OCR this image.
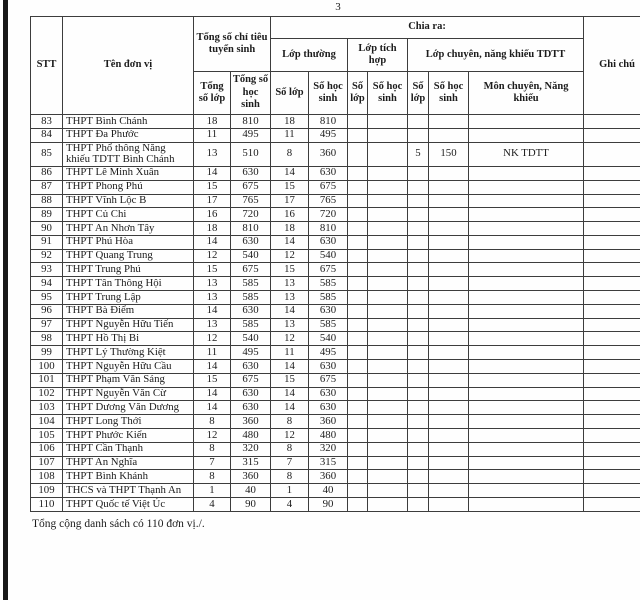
3
STT	Tên đơn vị	Tổng số chỉ tiêu tuyển sinh		Chia ra:							Ghi chú
				Lớp thường		Lớp tích hợp		Lớp chuyên, năng khiếu TDTT			
		Tổng số lớp	Tổng số học sinh	Số lớp	Số học sinh	Số lớp	Số học sinh	Số lớp	Số học sinh	Môn chuyên, Năng khiếu	
83	THPT Bình Chánh	18	810	18	810						
84	THPT Đa Phước	11	495	11	495						
85	THPT Phổ thông Năng khiếu TDTT Bình Chánh	13	510	8	360			5	150	NK TDTT	
86	THPT Lê Minh Xuân	14	630	14	630						
87	THPT Phong Phú	15	675	15	675						
88	THPT Vĩnh Lộc B	17	765	17	765						
89	THPT Củ Chi	16	720	16	720						
90	THPT An Nhơn Tây	18	810	18	810						
91	THPT Phú Hòa	14	630	14	630						
92	THPT Quang Trung	12	540	12	540						
93	THPT Trung Phú	15	675	15	675						
94	THPT Tân Thông Hội	13	585	13	585						
95	THPT Trung Lập	13	585	13	585						
96	THPT Bà Điểm	14	630	14	630						
97	THPT Nguyễn Hữu Tiến	13	585	13	585						
98	THPT Hồ Thị Bi	12	540	12	540						
99	THPT Lý Thường Kiệt	11	495	11	495						
100	THPT Nguyễn Hữu Cầu	14	630	14	630						
101	THPT Phạm Văn Sáng	15	675	15	675						
102	THPT Nguyễn Văn Cừ	14	630	14	630						
103	THPT Dương Văn Dương	14	630	14	630						
104	THPT Long Thới	8	360	8	360						
105	THPT Phước Kiển	12	480	12	480						
106	THPT Cần Thạnh	8	320	8	320						
107	THPT An Nghĩa	7	315	7	315						
108	THPT Bình Khánh	8	360	8	360						
109	THCS và THPT Thạnh An	1	40	1	40						
110	THPT Quốc tế Việt Úc	4	90	4	90						
Tổng cộng danh sách có 110 đơn vị./.
